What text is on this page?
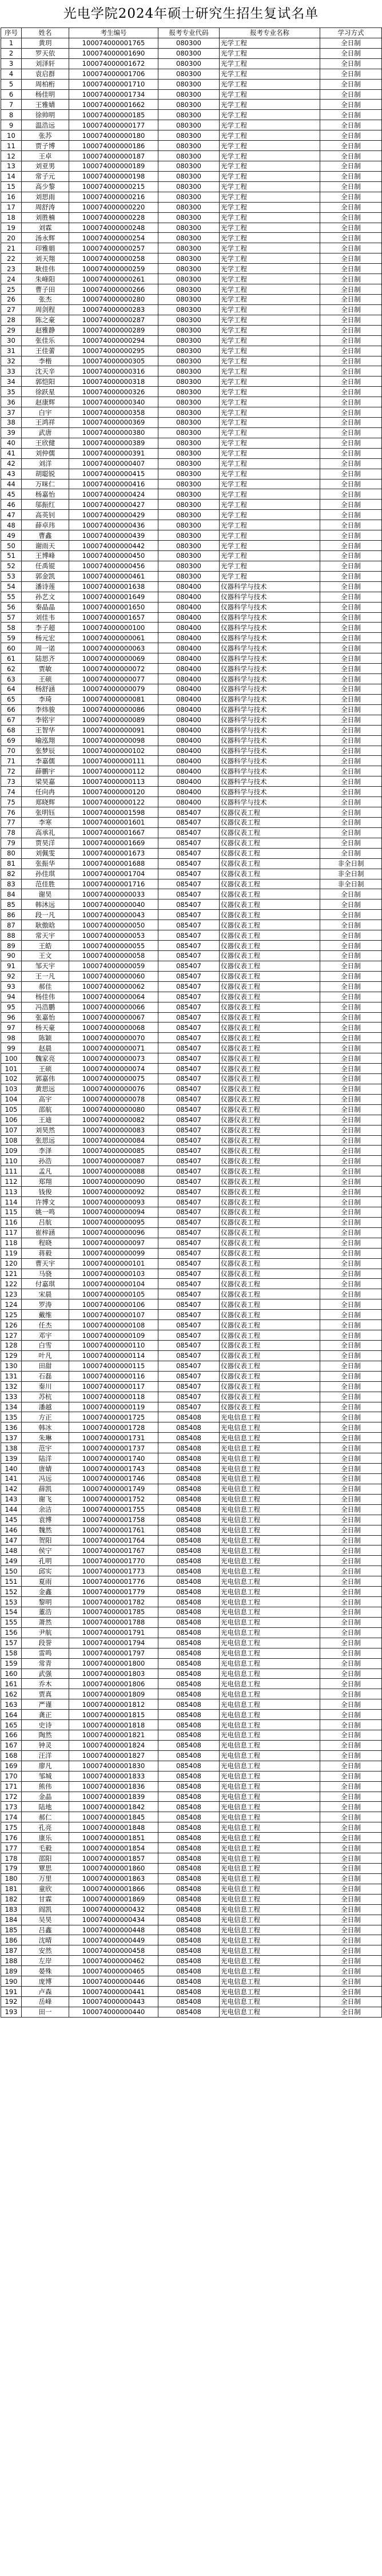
光电学院2024年硕士研究生招生复试名单
序号	姓名	考生编号	报考专业代码	报考专业名称	学习方式
1	黄玥	100074000001765	080300	光学工程	全日制
2	罗天依	100074000001690	080300	光学工程	全日制
3	刘泽轩	100074000001672	080300	光学工程	全日制
4	袁启群	100074000001706	080300	光学工程	全日制
5	周柏桁	100074000001710	080300	光学工程	全日制
6	杨佳明	100074000001734	080300	光学工程	全日制
7	王雅婧	100074000001662	080300	光学工程	全日制
8	徐帅明	100074000000185	080300	光学工程	全日制
9	温浩远	100074000000177	080300	光学工程	全日制
10	张苏	100074000000180	080300	光学工程	全日制
11	贾子博	100074000000186	080300	光学工程	全日制
12	王卓	100074000000187	080300	光学工程	全日制
13	刘亚男	100074000000189	080300	光学工程	全日制
14	常子元	100074000000198	080300	光学工程	全日制
15	高少黎	100074000000215	080300	光学工程	全日制
16	刘思雨	100074000000216	080300	光学工程	全日制
17	周舒涛	100074000000220	080300	光学工程	全日制
18	刘胜楠	100074000000228	080300	光学工程	全日制
19	刘霖	100074000000248	080300	光学工程	全日制
20	汤永辉	100074000000254	080300	光学工程	全日制
21	印雅娟	100074000000257	080300	光学工程	全日制
22	刘天翔	100074000000258	080300	光学工程	全日制
23	耿佳伟	100074000000259	080300	光学工程	全日制
24	朱峰阳	100074000000261	080300	光学工程	全日制
25	曹子田	100074000000266	080300	光学工程	全日制
26	张杰	100074000000280	080300	光学工程	全日制
27	周剑程	100074000000283	080300	光学工程	全日制
28	陈之豪	100074000000287	080300	光学工程	全日制
29	赵雅静	100074000000289	080300	光学工程	全日制
30	张佳乐	100074000000294	080300	光学工程	全日制
31	王佳蕾	100074000000295	080300	光学工程	全日制
32	李楷	100074000000305	080300	光学工程	全日制
33	沈天辛	100074000000316	080300	光学工程	全日制
34	郭恺阳	100074000000318	080300	光学工程	全日制
35	徐跃星	100074000000326	080300	光学工程	全日制
36	赵康辉	100074000000340	080300	光学工程	全日制
37	白宇	100074000000358	080300	光学工程	全日制
38	王鸿祥	100074000000369	080300	光学工程	全日制
39	武唐	100074000000380	080300	光学工程	全日制
40	王欣健	100074000000389	080300	光学工程	全日制
41	刘仲儒	100074000000391	080300	光学工程	全日制
42	刘洋	100074000000407	080300	光学工程	全日制
43	胡聪锐	100074000000415	080300	光学工程	全日制
44	万咪仁	100074000000416	080300	光学工程	全日制
45	杨嘉怡	100074000000424	080300	光学工程	全日制
46	邬振红	100074000000427	080300	光学工程	全日制
47	高英钊	100074000000429	080300	光学工程	全日制
48	薛卓玮	100074000000436	080300	光学工程	全日制
49	曹鑫	100074000000439	080300	光学工程	全日制
50	谢雨天	100074000000442	080300	光学工程	全日制
51	王博峰	100074000000450	080300	光学工程	全日制
52	任禹锟	100074000000456	080300	光学工程	全日制
53	郭金凯	100074000000461	080300	光学工程	全日制
54	潘诗莲	100074000001638	080400	仪器科学与技术	全日制
55	孙艺文	100074000001649	080400	仪器科学与技术	全日制
56	秦晶晶	100074000001650	080400	仪器科学与技术	全日制
57	刘佳韦	100074000001657	080400	仪器科学与技术	全日制
58	李子超	100074000000100	080400	仪器科学与技术	全日制
59	杨元宏	100074000000061	080400	仪器科学与技术	全日制
60	周一诺	100074000000063	080400	仪器科学与技术	全日制
61	陆思齐	100074000000069	080400	仪器科学与技术	全日制
62	贾敏	100074000000072	080400	仪器科学与技术	全日制
63	王硕	100074000000077	080400	仪器科学与技术	全日制
64	杨舒涵	100074000000079	080400	仪器科学与技术	全日制
65	李琦	100074000000081	080400	仪器科学与技术	全日制
66	李炜骏	100074000000086	080400	仪器科学与技术	全日制
67	李铭宇	100074000000089	080400	仪器科学与技术	全日制
68	王智华	100074000000091	080400	仪器科学与技术	全日制
69	喻泓翔	100074000000098	080400	仪器科学与技术	全日制
70	张梦辰	100074000000102	080400	仪器科学与技术	全日制
71	李嘉儒	100074000000111	080400	仪器科学与技术	全日制
72	薛鹏宇	100074000000112	080400	仪器科学与技术	全日制
73	梁昊嘉	100074000000113	080400	仪器科学与技术	全日制
74	任向冉	100074000000120	080400	仪器科学与技术	全日制
75	郑晓辉	100074000000122	080400	仪器科学与技术	全日制
76	张明钰	100074000001598	085407	仪器仪表工程	全日制
77	李寒	100074000001601	085407	仪器仪表工程	全日制
78	高承礼	100074000001667	085407	仪器仪表工程	全日制
79	贾昊洋	100074000001669	085407	仪器仪表工程	全日制
80	刘佩雯	100074000001673	085407	仪器仪表工程	全日制
81	张振华	100074000001688	085407	仪器仪表工程	非全日制
82	孙佳琪	100074000001704	085407	仪器仪表工程	非全日制
83	范佳胜	100074000001716	085407	仪器仪表工程	非全日制
84	谢昊	100074000000033	085407	仪器仪表工程	全日制
85	韩沐远	100074000000040	085407	仪器仪表工程	全日制
86	段一凡	100074000000043	085407	仪器仪表工程	全日制
87	耿傲晗	100074000000050	085407	仪器仪表工程	全日制
88	常天宇	100074000000053	085407	仪器仪表工程	全日制
89	王皓	100074000000055	085407	仪器仪表工程	全日制
90	王文	100074000000058	085407	仪器仪表工程	全日制
91	邹天宇	100074000000059	085407	仪器仪表工程	全日制
92	王一凡	100074000000060	085407	仪器仪表工程	全日制
93	郝佳	100074000000062	085407	仪器仪表工程	全日制
94	杨佳伟	100074000000064	085407	仪器仪表工程	全日制
95	冯浩鹏	100074000000066	085407	仪器仪表工程	全日制
96	张嘉怡	100074000000067	085407	仪器仪表工程	全日制
97	杨天豪	100074000000068	085407	仪器仪表工程	全日制
98	陈颖	100074000000070	085407	仪器仪表工程	全日制
99	赵晨	100074000000071	085407	仪器仪表工程	全日制
100	魏家亮	100074000000073	085407	仪器仪表工程	全日制
101	王硕	100074000000074	085407	仪器仪表工程	全日制
102	郭嘉伟	100074000000075	085407	仪器仪表工程	全日制
103	黄思远	100074000000076	085407	仪器仪表工程	全日制
104	高宇	100074000000078	085407	仪器仪表工程	全日制
105	邵航	100074000000080	085407	仪器仪表工程	全日制
106	王迪	100074000000082	085407	仪器仪表工程	全日制
107	刘昊然	100074000000083	085407	仪器仪表工程	全日制
108	张思远	100074000000084	085407	仪器仪表工程	全日制
109	李泽	100074000000085	085407	仪器仪表工程	全日制
110	孙浩	100074000000087	085407	仪器仪表工程	全日制
111	孟凡	100074000000088	085407	仪器仪表工程	全日制
112	郑翔	100074000000090	085407	仪器仪表工程	全日制
113	钱俊	100074000000092	085407	仪器仪表工程	全日制
114	许博文	100074000000093	085407	仪器仪表工程	全日制
115	姚一鸣	100074000000094	085407	仪器仪表工程	全日制
116	吕航	100074000000095	085407	仪器仪表工程	全日制
117	崔梓涵	100074000000096	085407	仪器仪表工程	全日制
118	程晓	100074000000097	085407	仪器仪表工程	全日制
119	蒋毅	100074000000099	085407	仪器仪表工程	全日制
120	曹天宇	100074000000101	085407	仪器仪表工程	全日制
121	马骁	100074000000103	085407	仪器仪表工程	全日制
122	付嘉琪	100074000000104	085407	仪器仪表工程	全日制
123	宋晨	100074000000105	085407	仪器仪表工程	全日制
124	罗涛	100074000000106	085407	仪器仪表工程	全日制
125	戴维	100074000000107	085407	仪器仪表工程	全日制
126	任杰	100074000000108	085407	仪器仪表工程	全日制
127	邓宇	100074000000109	085407	仪器仪表工程	全日制
128	白雪	100074000000110	085407	仪器仪表工程	全日制
129	叶凡	100074000000114	085407	仪器仪表工程	全日制
130	田甜	100074000000115	085407	仪器仪表工程	全日制
131	石磊	100074000000116	085407	仪器仪表工程	全日制
132	秦川	100074000000117	085407	仪器仪表工程	全日制
133	苏杭	100074000000118	085407	仪器仪表工程	全日制
134	潘越	100074000000119	085407	仪器仪表工程	全日制
135	方正	100074000001725	085408	光电信息工程	全日制
136	韩冰	100074000001728	085408	光电信息工程	全日制
137	朱琳	100074000001731	085408	光电信息工程	全日制
138	范宇	100074000001737	085408	光电信息工程	全日制
139	陆洋	100074000001740	085408	光电信息工程	全日制
140	唐婧	100074000001743	085408	光电信息工程	全日制
141	冯远	100074000001746	085408	光电信息工程	全日制
142	薛凯	100074000001749	085408	光电信息工程	全日制
143	谢飞	100074000001752	085408	光电信息工程	全日制
144	余洁	100074000001755	085408	光电信息工程	全日制
145	袁博	100074000001758	085408	光电信息工程	全日制
146	魏然	100074000001761	085408	光电信息工程	全日制
147	贺阳	100074000001764	085408	光电信息工程	全日制
148	侯宁	100074000001767	085408	光电信息工程	全日制
149	孔明	100074000001770	085408	光电信息工程	全日制
150	邱实	100074000001773	085408	光电信息工程	全日制
151	夏雨	100074000001776	085408	光电信息工程	全日制
152	金鑫	100074000001779	085408	光电信息工程	全日制
153	黎明	100074000001782	085408	光电信息工程	全日制
154	董浩	100074000001785	085408	光电信息工程	全日制
155	萧然	100074000001788	085408	光电信息工程	全日制
156	尹航	100074000001791	085408	光电信息工程	全日制
157	段誉	100074000001794	085408	光电信息工程	全日制
158	雷鸣	100074000001797	085408	光电信息工程	全日制
159	常青	100074000001800	085408	光电信息工程	全日制
160	武强	100074000001803	085408	光电信息工程	全日制
161	乔木	100074000001806	085408	光电信息工程	全日制
162	贾真	100074000001809	085408	光电信息工程	全日制
163	严谨	100074000001812	085408	光电信息工程	全日制
164	龚正	100074000001815	085408	光电信息工程	全日制
165	史诗	100074000001818	085408	光电信息工程	全日制
166	陶然	100074000001821	085408	光电信息工程	全日制
167	钟灵	100074000001824	085408	光电信息工程	全日制
168	汪洋	100074000001827	085408	光电信息工程	全日制
169	廖凡	100074000001830	085408	光电信息工程	全日制
170	邹城	100074000001833	085408	光电信息工程	全日制
171	熊伟	100074000001836	085408	光电信息工程	全日制
172	金晶	100074000001839	085408	光电信息工程	全日制
173	陆地	100074000001842	085408	光电信息工程	全日制
174	郝仁	100074000001845	085408	光电信息工程	全日制
175	孔亮	100074000001848	085408	光电信息工程	全日制
176	康乐	100074000001851	085408	光电信息工程	全日制
177	毛毅	100074000001854	085408	光电信息工程	全日制
178	邵阳	100074000001857	085408	光电信息工程	全日制
179	覃思	100074000001860	085408	光电信息工程	全日制
180	万里	100074000001863	085408	光电信息工程	全日制
181	童欣	100074000001866	085408	光电信息工程	全日制
182	甘霖	100074000001869	085408	光电信息工程	全日制
183	阎凯	100074000000432	085408	光电信息工程	全日制
184	吴昊	100074000000434	085408	光电信息工程	全日制
185	吕鑫	100074000000448	085408	光电信息工程	全日制
186	沈晴	100074000000449	085408	光电信息工程	全日制
187	安然	100074000000458	085408	光电信息工程	全日制
188	左岸	100074000000462	085408	光电信息工程	全日制
189	晏殊	100074000000465	085408	光电信息工程	全日制
190	庞博	100074000000446	085408	光电信息工程	全日制
191	卢森	100074000000441	085408	光电信息工程	全日制
192	岳峰	100074000000443	085408	光电信息工程	全日制
193	田一	100074000000440	085408	光电信息工程	全日制
